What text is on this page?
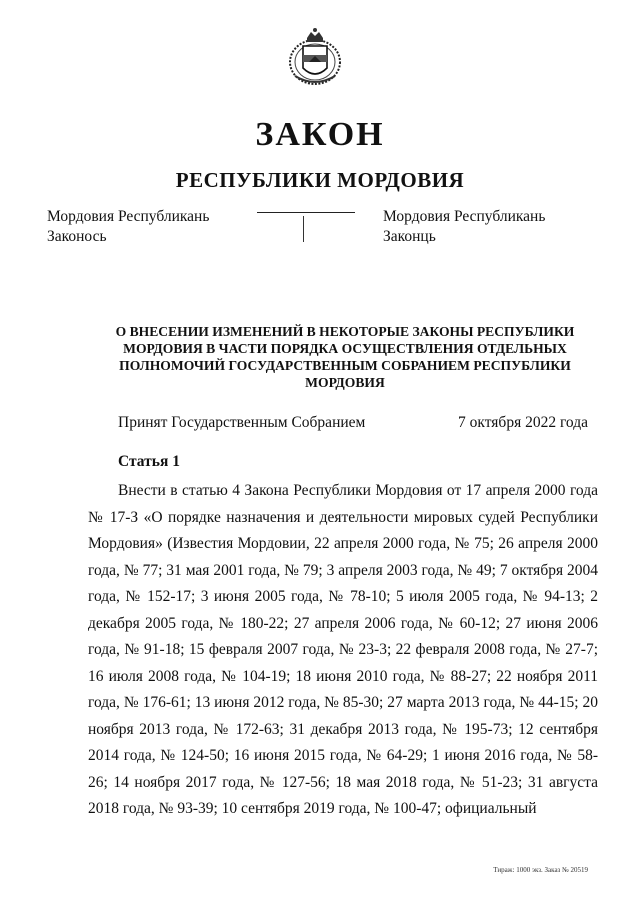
ЗАКОН
РЕСПУБЛИКИ МОРДОВИЯ
Мордовия Республикань
Законось
Мордовия Республикань
Законць
О ВНЕСЕНИИ ИЗМЕНЕНИЙ В НЕКОТОРЫЕ ЗАКОНЫ РЕСПУБЛИКИ МОРДОВИЯ В ЧАСТИ ПОРЯДКА ОСУЩЕСТВЛЕНИЯ ОТДЕЛЬНЫХ ПОЛНОМОЧИЙ ГОСУДАРСТВЕННЫМ СОБРАНИЕМ РЕСПУБЛИКИ МОРДОВИЯ
Принят Государственным Собранием	7 октября 2022 года
Статья 1

Внести в статью 4 Закона Республики Мордовия от 17 апреля 2000 года № 17-З «О порядке назначения и деятельности мировых судей Республики Мордовия» (Известия Мордовии, 22 апреля 2000 года, № 75; 26 апреля 2000 года, № 77; 31 мая 2001 года, № 79; 3 апреля 2003 года, № 49; 7 октября 2004 года, № 152-17; 3 июня 2005 года, № 78-10; 5 июля 2005 года, № 94-13; 2 декабря 2005 года, № 180-22; 27 апреля 2006 года, № 60-12; 27 июня 2006 года, № 91-18; 15 февраля 2007 года, № 23-3; 22 февраля 2008 года, № 27-7; 16 июля 2008 года, № 104-19; 18 июня 2010 года, № 88-27; 22 ноября 2011 года, № 176-61; 13 июня 2012 года, № 85-30; 27 марта 2013 года, № 44-15; 20 ноября 2013 года, № 172-63; 31 декабря 2013 года, № 195-73; 12 сентября 2014 года, № 124-50; 16 июня 2015 года, № 64-29; 1 июня 2016 года, № 58-26; 14 ноября 2017 года, № 127-56; 18 мая 2018 года, № 51-23; 31 августа 2018 года, № 93-39; 10 сентября 2019 года, № 100-47; официальный

Тираж: 1000 экз. Заказ № 20519
